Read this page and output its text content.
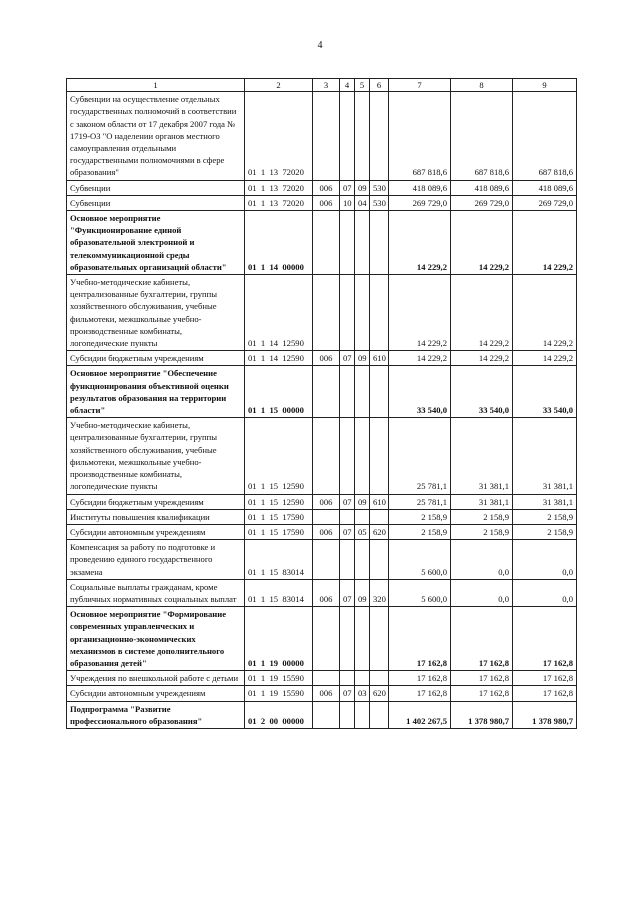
4
1	2	3	4	5	6	7	8	9
Субвенции на осуществление отдельных государственных полномочий в соответствии с законом области от 17 декабря 2007 года № 1719-ОЗ "О наделении органов местного самоуправления отдельными государственными полномочиями в сфере образования"	01  1  13  72020					687 818,6	687 818,6	687 818,6
Субвенции	01  1  13  72020	006	07	09	530	418 089,6	418 089,6	418 089,6
Субвенции	01  1  13  72020	006	10	04	530	269 729,0	269 729,0	269 729,0
Основное мероприятие "Функционирование единой образовательной электронной и телекоммуникационной среды образовательных организаций области"	01  1  14  00000					14 229,2	14 229,2	14 229,2
Учебно-методические кабинеты, централизованные бухгалтерии, группы хозяйственного обслуживания, учебные фильмотеки, межшкольные учебно-производственные комбинаты, логопедические пункты	01  1  14  12590					14 229,2	14 229,2	14 229,2
Субсидии бюджетным учреждениям	01  1  14  12590	006	07	09	610	14 229,2	14 229,2	14 229,2
Основное мероприятие "Обеспечение функционирования объективной оценки результатов образования на территории области"	01  1  15  00000					33 540,0	33 540,0	33 540,0
Учебно-методические кабинеты, централизованные бухгалтерии, группы хозяйственного обслуживания, учебные фильмотеки, межшкольные учебно-производственные комбинаты, логопедические пункты	01  1  15  12590					25 781,1	31 381,1	31 381,1
Субсидии бюджетным учреждениям	01  1  15  12590	006	07	09	610	25 781,1	31 381,1	31 381,1
Институты повышения квалификации	01  1  15  17590					2 158,9	2 158,9	2 158,9
Субсидии автономным учреждениям	01  1  15  17590	006	07	05	620	2 158,9	2 158,9	2 158,9
Компенсация за работу по подготовке и проведению единого государственного экзамена	01  1  15  83014					5 600,0	0,0	0,0
Социальные выплаты гражданам, кроме публичных нормативных социальных выплат	01  1  15  83014	006	07	09	320	5 600,0	0,0	0,0
Основное мероприятие "Формирование современных управленческих и организационно-экономических механизмов в системе дополнительного образования детей"	01  1  19  00000					17 162,8	17 162,8	17 162,8
Учреждения по внешкольной работе с детьми	01  1  19  15590					17 162,8	17 162,8	17 162,8
Субсидии автономным учреждениям	01  1  19  15590	006	07	03	620	17 162,8	17 162,8	17 162,8
Подпрограмма "Развитие профессионального образования"	01  2  00  00000					1 402 267,5	1 378 980,7	1 378 980,7
